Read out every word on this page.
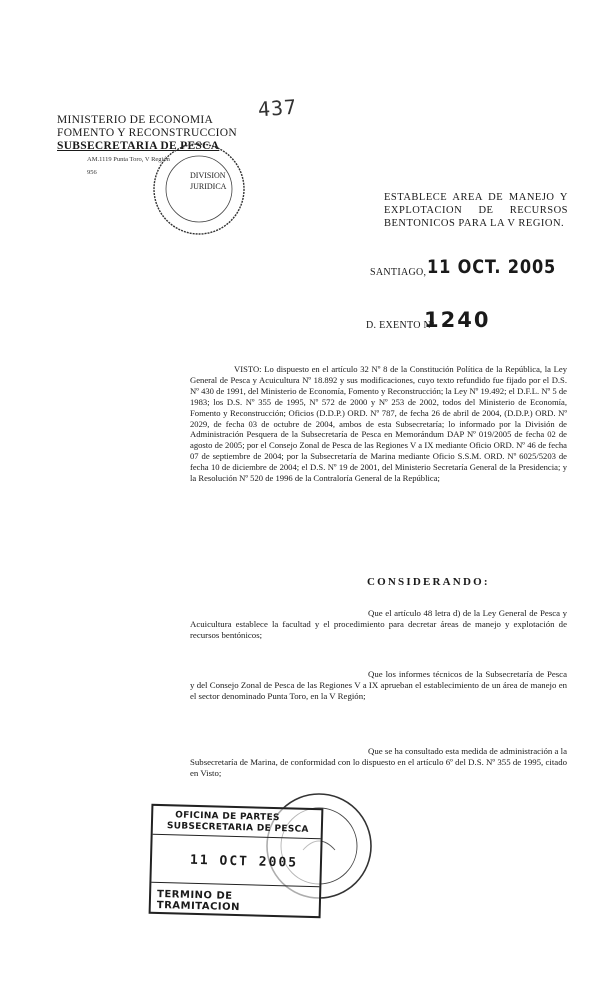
437
MINISTERIO DE ECONOMIA
FOMENTO Y RECONSTRUCCION
SUBSECRETARIA DE PESCA
AM.1119 Punta Toro, V Región
956	DIVISION
JURIDICA
ESTABLECE AREA DE MANEJO Y EXPLOTACION DE RECURSOS BENTONICOS PARA LA V REGION.
SANTIAGO, 11 OCT. 2005
D. EXENTO Nº
1240
VISTO: Lo dispuesto en el artículo 32 Nº 8 de la Constitución Política de la República, la Ley General de Pesca y Acuicultura Nº 18.892 y sus modificaciones, cuyo texto refundido fue fijado por el D.S. Nº 430 de 1991, del Ministerio de Economía, Fomento y Reconstrucción; la Ley Nº 19.492; el D.F.L. Nº 5 de 1983; los D.S. Nº 355 de 1995, Nº 572 de 2000 y Nº 253 de 2002, todos del Ministerio de Economía, Fomento y Reconstrucción; Oficios (D.D.P.) ORD. Nº 787, de fecha 26 de abril de 2004, (D.D.P.) ORD. Nº 2029, de fecha 03 de octubre de 2004, ambos de esta Subsecretaría; lo informado por la División de Administración Pesquera de la Subsecretaría de Pesca en Memorándum DAP Nº 019/2005 de fecha 02 de agosto de 2005; por el Consejo Zonal de Pesca de las Regiones V a IX mediante Oficio ORD. Nº 46 de fecha 07 de septiembre de 2004; por la Subsecretaría de Marina mediante Oficio S.S.M. ORD. Nº 6025/5203 de fecha 10 de diciembre de 2004; el D.S. Nº 19 de 2001, del Ministerio Secretaría General de la Presidencia; y la Resolución Nº 520 de 1996 de la Contraloría General de la República;
CONSIDERANDO:
Que el artículo 48 letra d) de la Ley General de Pesca y Acuicultura establece la facultad y el procedimiento para decretar áreas de manejo y explotación de recursos bentónicos;
Que los informes técnicos de la Subsecretaría de Pesca y del Consejo Zonal de Pesca de las Regiones V a IX aprueban el establecimiento de un área de manejo en el sector denominado Punta Toro, en la V Región;
Que se ha consultado esta medida de administración a la Subsecretaría de Marina, de conformidad con lo dispuesto en el artículo 6º del D.S. Nº 355 de 1995, citado en Visto;
OFICINA DE PARTES
SUBSECRETARIA DE PESCA
11 OCT 2005
TERMINO DE TRAMITACION
